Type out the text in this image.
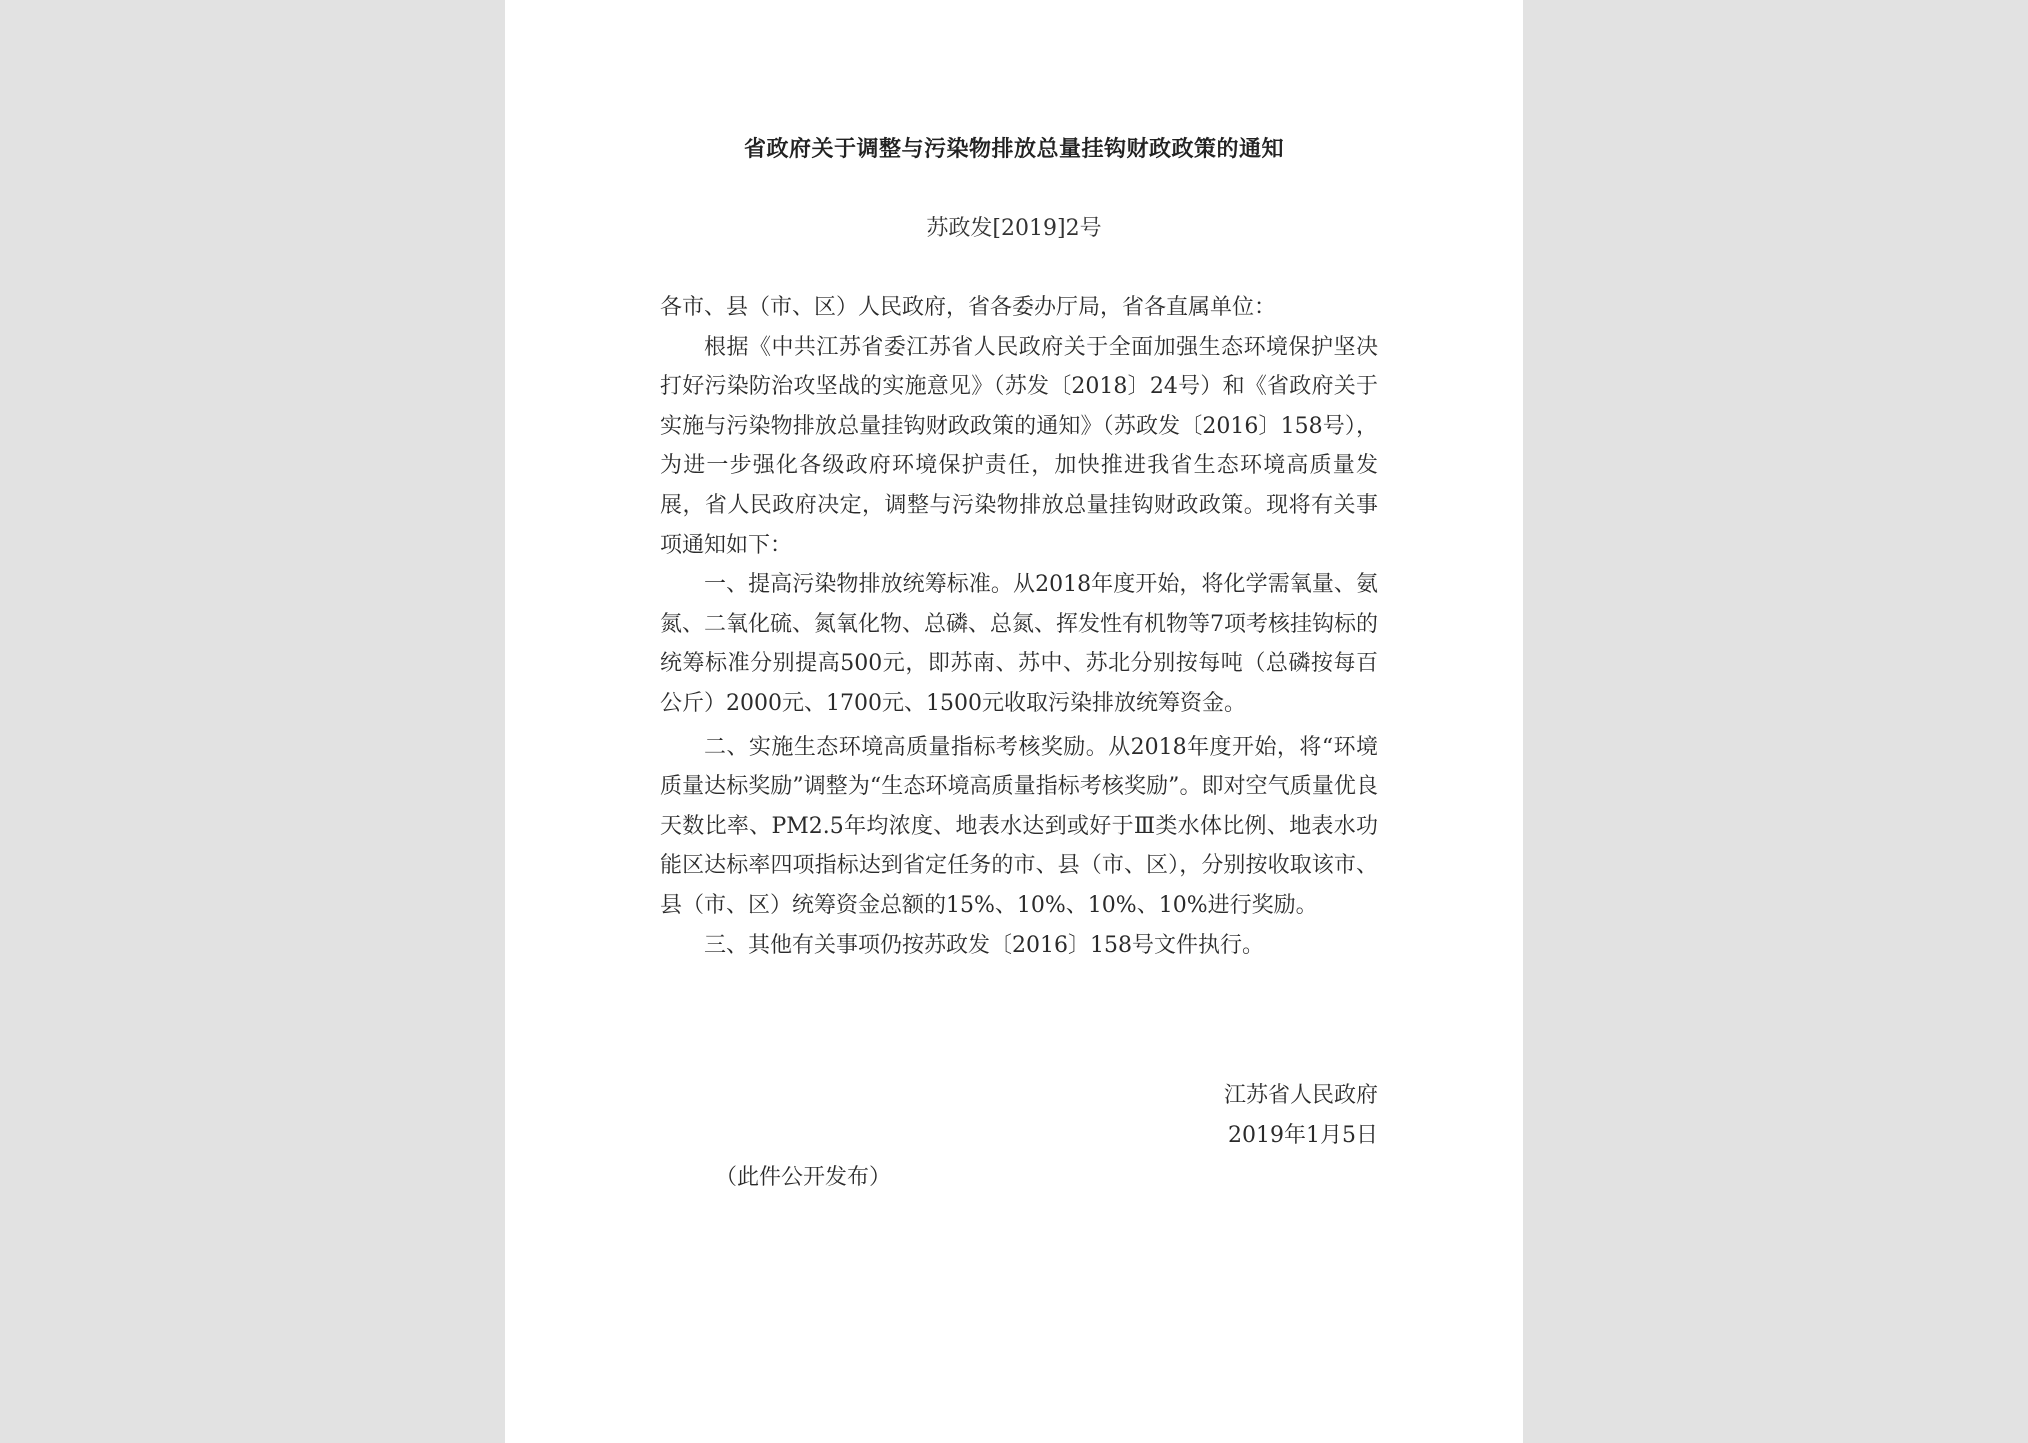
省政府关于调整与污染物排放总量挂钩财政政策的通知
苏政发[2019]2号

各市、县（市、区）人民政府，省各委办厅局，省各直属单位：

根据《中共江苏省委江苏省人民政府关于全面加强生态环境保护坚决打好污染防治攻坚战的实施意见》（苏发〔2018〕24号）和《省政府关于实施与污染物排放总量挂钩财政政策的通知》（苏政发〔2016〕158号），为进一步强化各级政府环境保护责任，加快推进我省生态环境高质量发展，省人民政府决定，调整与污染物排放总量挂钩财政政策。现将有关事项通知如下：

一、提高污染物排放统筹标准。从2018年度开始，将化学需氧量、氨氮、二氧化硫、氮氧化物、总磷、总氮、挥发性有机物等7项考核挂钩标的统筹标准分别提高500元，即苏南、苏中、苏北分别按每吨（总磷按每百公斤）2000元、1700元、1500元收取污染排放统筹资金。

二、实施生态环境高质量指标考核奖励。从2018年度开始，将“环境质量达标奖励”调整为“生态环境高质量指标考核奖励”。即对空气质量优良天数比率、PM2.5年均浓度、地表水达到或好于Ⅲ类水体比例、地表水功能区达标率四项指标达到省定任务的市、县（市、区），分别按收取该市、县（市、区）统筹资金总额的15%、10%、10%、10%进行奖励。

三、其他有关事项仍按苏政发〔2016〕158号文件执行。

江苏省人民政府
2019年1月5日
（此件公开发布）
